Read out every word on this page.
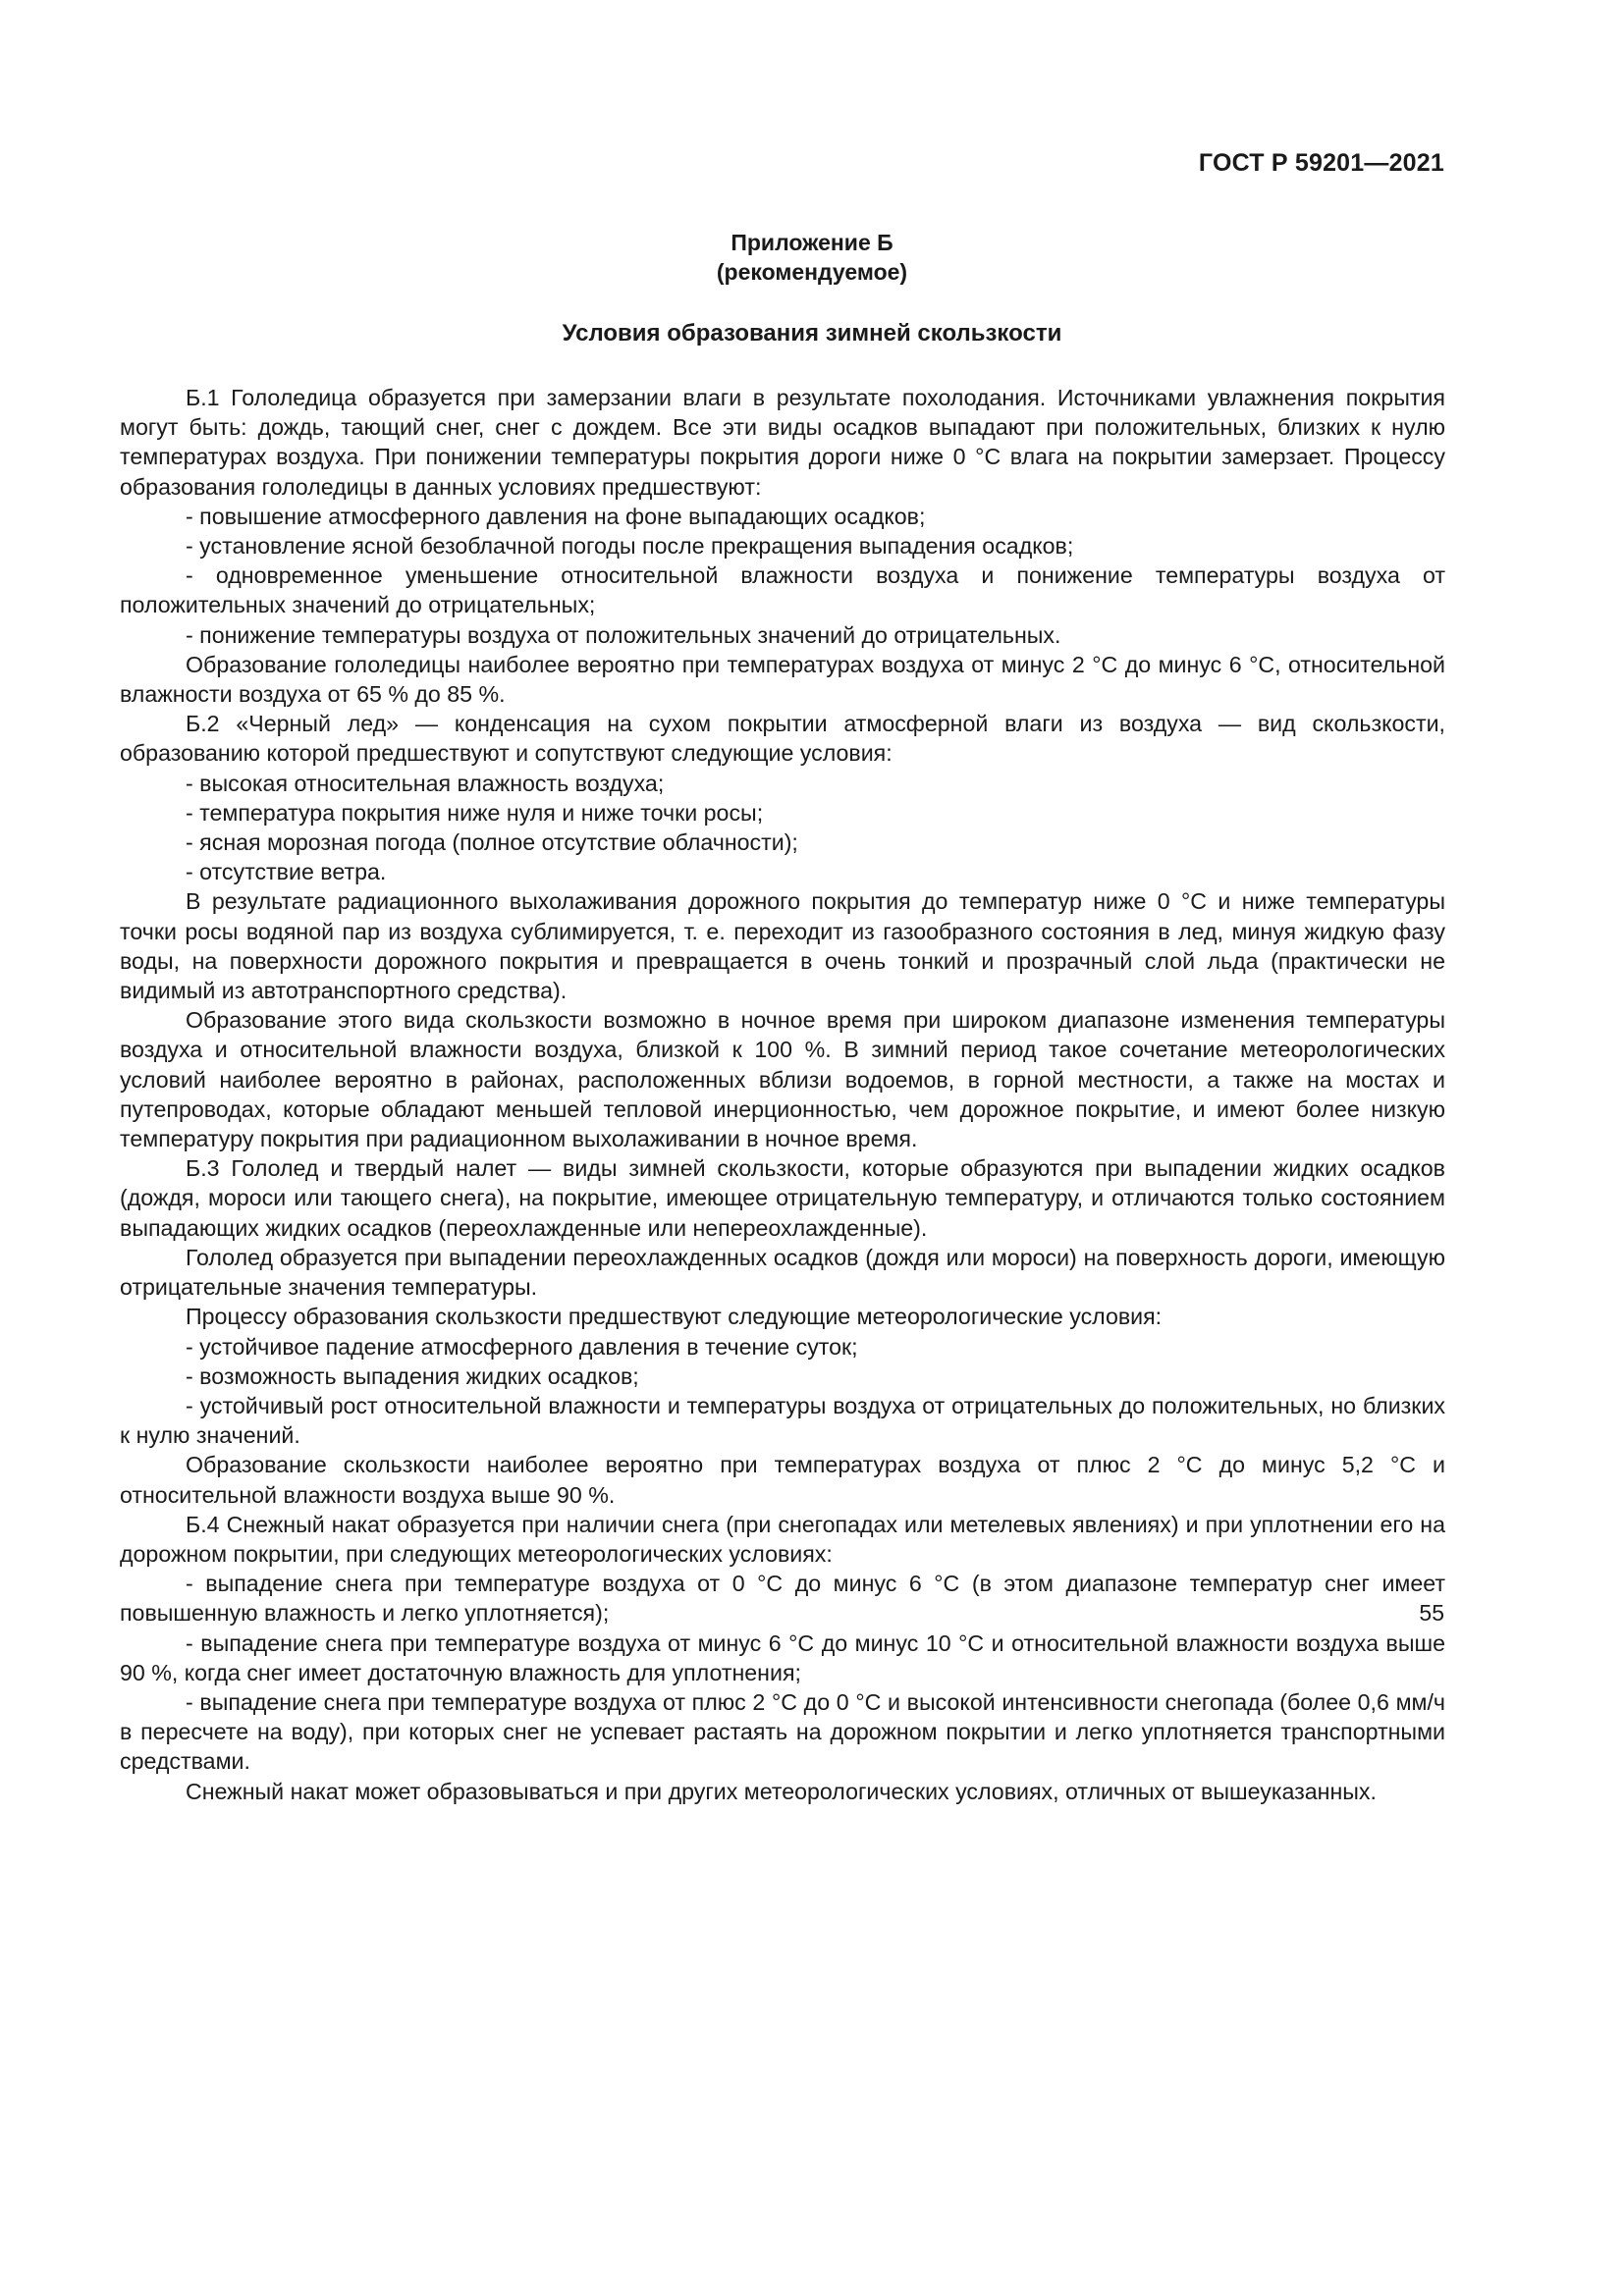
ГОСТ Р 59201—2021
Приложение Б
(рекомендуемое)
Условия образования зимней скользкости

Б.1 Гололедица образуется при замерзании влаги в результате похолодания. Источниками увлажнения покрытия могут быть: дождь, тающий снег, снег с дождем. Все эти виды осадков выпадают при положительных, близких к нулю температурах воздуха. При понижении температуры покрытия дороги ниже 0 °С влага на покрытии замерзает. Процессу образования гололедицы в данных условиях предшествуют:

- повышение атмосферного давления на фоне выпадающих осадков;

- установление ясной безоблачной погоды после прекращения выпадения осадков;

- одновременное уменьшение относительной влажности воздуха и понижение температуры воздуха от положительных значений до отрицательных;

- понижение температуры воздуха от положительных значений до отрицательных.

Образование гололедицы наиболее вероятно при температурах воздуха от минус 2 °С до минус 6 °С, относительной влажности воздуха от 65 % до 85 %.

Б.2 «Черный лед» — конденсация на сухом покрытии атмосферной влаги из воздуха — вид скользкости, образованию которой предшествуют и сопутствуют следующие условия:

- высокая относительная влажность воздуха;

- температура покрытия ниже нуля и ниже точки росы;

- ясная морозная погода (полное отсутствие облачности);

- отсутствие ветра.

В результате радиационного выхолаживания дорожного покрытия до температур ниже 0 °С и ниже температуры точки росы водяной пар из воздуха сублимируется, т. е. переходит из газообразного состояния в лед, минуя жидкую фазу воды, на поверхности дорожного покрытия и превращается в очень тонкий и прозрачный слой льда (практически не видимый из автотранспортного средства).

Образование этого вида скользкости возможно в ночное время при широком диапазоне изменения температуры воздуха и относительной влажности воздуха, близкой к 100 %. В зимний период такое сочетание метеорологических условий наиболее вероятно в районах, расположенных вблизи водоемов, в горной местности, а также на мостах и путепроводах, которые обладают меньшей тепловой инерционностью, чем дорожное покрытие, и имеют более низкую температуру покрытия при радиационном выхолаживании в ночное время.

Б.3 Гололед и твердый налет — виды зимней скользкости, которые образуются при выпадении жидких осадков (дождя, мороси или тающего снега), на покрытие, имеющее отрицательную температуру, и отличаются только состоянием выпадающих жидких осадков (переохлажденные или непереохлажденные).

Гололед образуется при выпадении переохлажденных осадков (дождя или мороси) на поверхность дороги, имеющую отрицательные значения температуры.

Процессу образования скользкости предшествуют следующие метеорологические условия:

- устойчивое падение атмосферного давления в течение суток;

- возможность выпадения жидких осадков;

- устойчивый рост относительной влажности и температуры воздуха от отрицательных до положительных, но близких к нулю значений.

Образование скользкости наиболее вероятно при температурах воздуха от плюс 2 °С до минус 5,2 °С и относительной влажности воздуха выше 90 %.

Б.4 Снежный накат образуется при наличии снега (при снегопадах или метелевых явлениях) и при уплотнении его на дорожном покрытии, при следующих метеорологических условиях:

- выпадение снега при температуре воздуха от 0 °С до минус 6 °С (в этом диапазоне температур снег имеет повышенную влажность и легко уплотняется);

- выпадение снега при температуре воздуха от минус 6 °С до минус 10 °С и относительной влажности воздуха выше 90 %, когда снег имеет достаточную влажность для уплотнения;

- выпадение снега при температуре воздуха от плюс 2 °С до 0 °С и высокой интенсивности снегопада (более 0,6 мм/ч в пересчете на воду), при которых снег не успевает растаять на дорожном покрытии и легко уплотняется транспортными средствами.

Снежный накат может образовываться и при других метеорологических условиях, отличных от вышеуказанных.

55
